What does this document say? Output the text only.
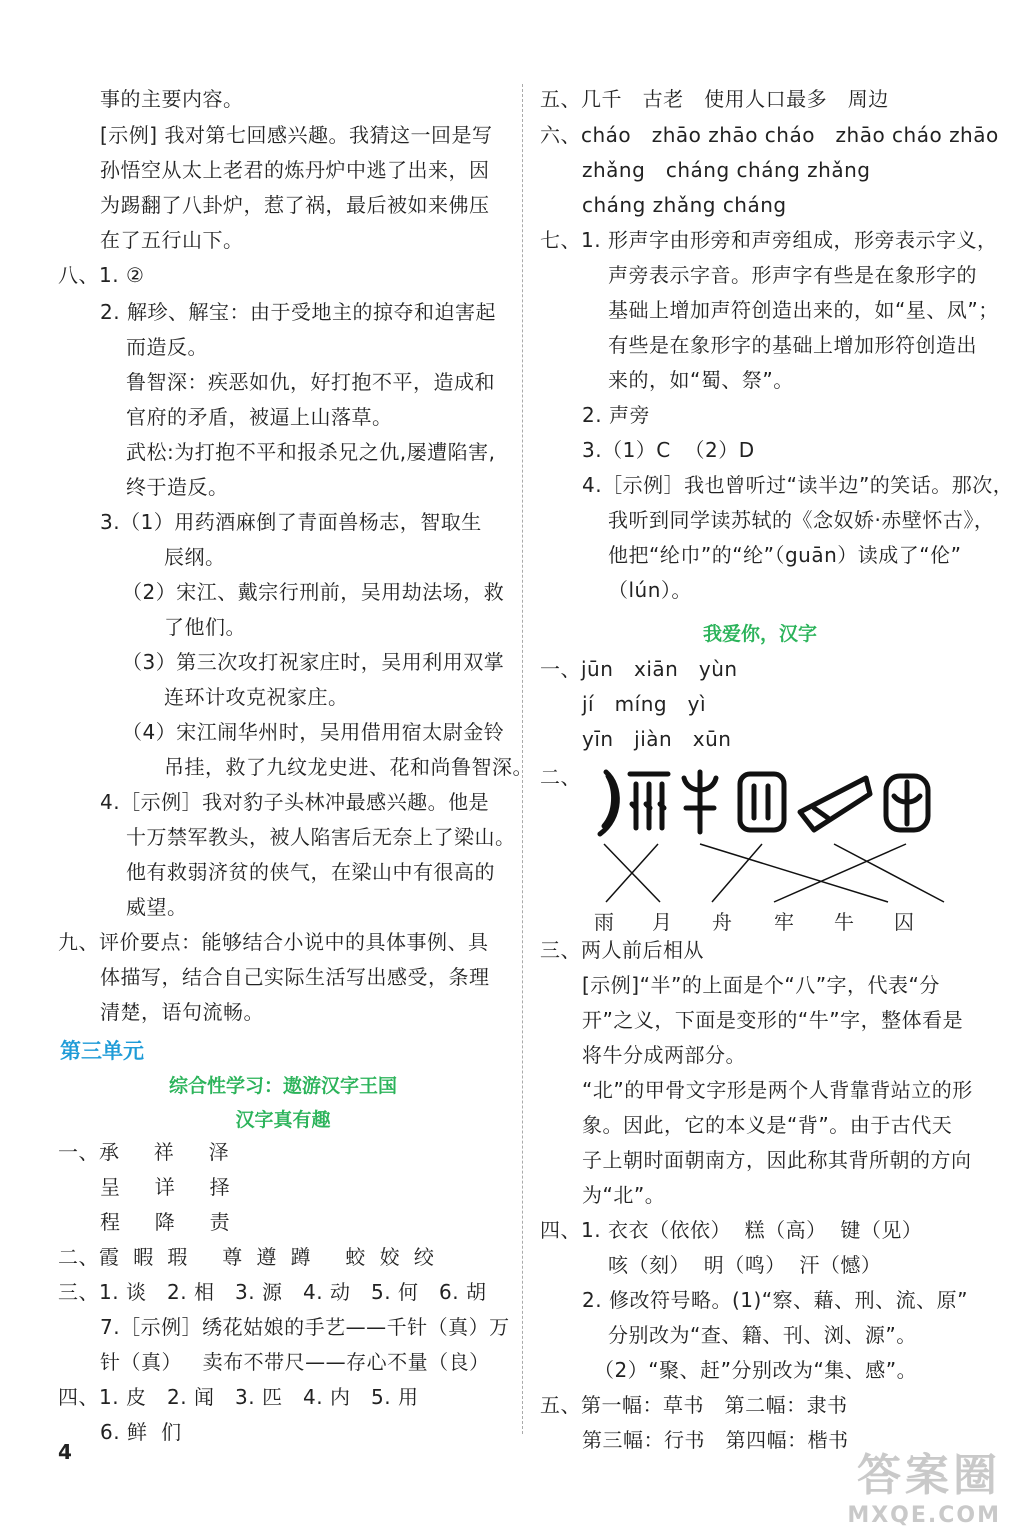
事的主要内容。
[示例] 我对第七回感兴趣。我猜这一回是写
孙悟空从太上老君的炼丹炉中逃了出来，因
为踢翻了八卦炉，惹了祸，最后被如来佛压
在了五行山下。
八、1. ②
2. 解珍、解宝：由于受地主的掠夺和迫害起
而造反。
鲁智深：疾恶如仇，好打抱不平，造成和
官府的矛盾，被逼上山落草。
武松:为打抱不平和报杀兄之仇,屡遭陷害,
终于造反。
3.（1）用药酒麻倒了青面兽杨志，智取生
辰纲。
（2）宋江、戴宗行刑前，吴用劫法场，救
了他们。
（3）第三次攻打祝家庄时，吴用利用双掌
连环计攻克祝家庄。
（4）宋江闹华州时，吴用借用宿太尉金铃
吊挂，救了九纹龙史进、花和尚鲁智深。
4.［示例］我对豹子头林冲最感兴趣。他是
十万禁军教头，被人陷害后无奈上了梁山。
他有救弱济贫的侠气，在梁山中有很高的
威望。
九、评价要点：能够结合小说中的具体事例、具
体描写，结合自己实际生活写出感受，条理
清楚，语句流畅。
第三单元
综合性学习：遨游汉字王国
汉字真有趣
一、承     祥     泽
呈     详     择
程     降     责
二、霞  暇  瑕     尊  遵  蹲     蛟  姣  绞
三、1. 谈   2. 相   3. 源   4. 动   5. 何   6. 胡
7.［示例］绣花姑娘的手艺——千针（真）万
针（真）   卖布不带尺——存心不量（良）
四、1. 皮   2. 闻   3. 匹   4. 内   5. 用
6. 鲜  们
五、几千   古老   使用人口最多   周边
六、cháo   zhāo zhāo cháo   zhāo cháo zhāo
zhǎng   cháng cháng zhǎng
cháng zhǎng cháng
七、1. 形声字由形旁和声旁组成，形旁表示字义，
声旁表示字音。形声字有些是在象形字的
基础上增加声符创造出来的，如“星、凤”；
有些是在象形字的基础上增加形符创造出
来的，如“蜀、祭”。
2. 声旁
3.（1）C  （2）D
4.［示例］我也曾听过“读半边”的笑话。那次，
我听到同学读苏轼的《念奴娇·赤壁怀古》，
他把“纶巾”的“纶”（guān）读成了“伦”
（lún）。
我爱你，汉字
一、jūn   xiān   yùn
jí   míng   yì
yīn   jiàn   xūn
二、
雨 月 舟 牢 牛 囚
三、两人前后相从
[示例]“半”的上面是个“八”字，代表“分
开”之义，下面是变形的“牛”字，整体看是
将牛分成两部分。
“北”的甲骨文字形是两个人背靠背站立的形
象。因此，它的本义是“背”。由于古代天
子上朝时面朝南方，因此称其背所朝的方向
为“北”。
四、1. 衣衣（依依）  糕（高）  键（见）
咳（刻）  明（鸣）  汗（憾）
2. 修改符号略。(1)“察、藉、刑、流、原”
分别改为“查、籍、刊、浏、源”。
（2）“聚、赶”分别改为“集、感”。
五、第一幅：草书   第二幅：隶书
第三幅：行书   第四幅：楷书
4	答案圈
MXQE.COM
